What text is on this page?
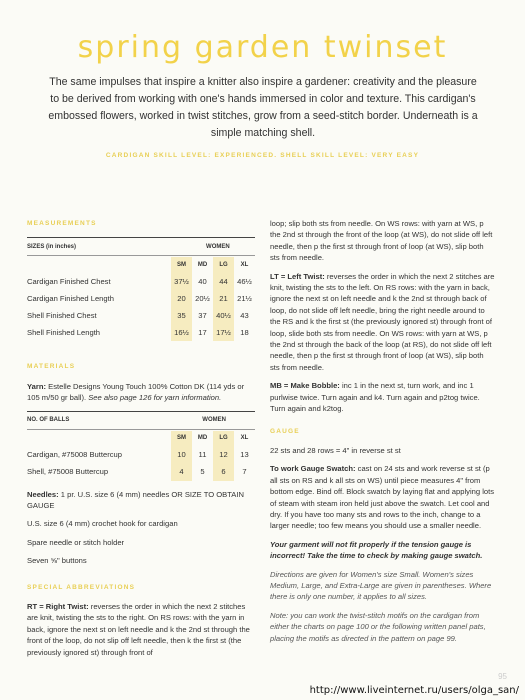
spring garden twinset
The same impulses that inspire a knitter also inspire a gardener: creativity and the pleasure to be derived from working with one's hands immersed in color and texture. This cardigan's embossed flowers, worked in twist stitches, grow from a seed-stitch border. Underneath is a simple matching shell.
CARDIGAN SKILL LEVEL: EXPERIENCED. SHELL SKILL LEVEL: VERY EASY
MEASUREMENTS
SIZES (in inches)	WOMEN
	SM	MD	LG	XL
Cardigan Finished Chest	37½	40	44	46½
Cardigan Finished Length	20	20½	21	21½
Shell Finished Chest	35	37	40½	43
Shell Finished Length	16½	17	17½	18
MATERIALS

Yarn: Estelle Designs Young Touch 100% Cotton DK (114 yds or 105 m/50 gr ball). See also page 126 for yarn information.

NO. OF BALLS	WOMEN
	SM	MD	LG	XL
Cardigan, #75008 Buttercup	10	11	12	13
Shell, #75008 Buttercup	4	5	6	7

Needles: 1 pr. U.S. size 6 (4 mm) needles OR SIZE TO OBTAIN GAUGE

U.S. size 6 (4 mm) crochet hook for cardigan

Spare needle or stitch holder

Seven ⅝" buttons

SPECIAL ABBREVIATIONS

RT = Right Twist: reverses the order in which the next 2 stitches are knit, twisting the sts to the right. On RS rows: with the yarn in back, ignore the next st on left needle and k the 2nd st through the front of the loop, do not slip off left needle, then k the first st (the previously ignored st) through front of

loop; slip both sts from needle. On WS rows: with yarn at WS, p the 2nd st through the front of the loop (at WS), do not slide off left needle, then p the first st through front of loop (at WS), slip both sts from needle.

LT = Left Twist: reverses the order in which the next 2 stitches are knit, twisting the sts to the left. On RS rows: with the yarn in back, ignore the next st on left needle and k the 2nd st through back of loop, do not slide off left needle, bring the right needle around to the RS and k the first st (the previously ignored st) through front of loop, slide both sts from needle. On WS rows: with yarn at WS, p the 2nd st through the back of the loop (at RS), do not slide off left needle, then p the first st through front of loop (at WS), slip both sts from needle.

MB = Make Bobble: inc 1 in the next st, turn work, and inc 1 purlwise twice. Turn again and k4. Turn again and p2tog twice. Turn again and k2tog.

GAUGE

22 sts and 28 rows = 4" in reverse st st

To work Gauge Swatch: cast on 24 sts and work reverse st st (p all sts on RS and k all sts on WS) until piece measures 4" from bottom edge. Bind off. Block swatch by laying flat and applying lots of steam with steam iron held just above the swatch. Let cool and dry. If you have too many sts and rows to the inch, change to a larger needle; too few means you should use a smaller needle.

Your garment will not fit properly if the tension gauge is incorrect! Take the time to check by making gauge swatch.

Directions are given for Women's size Small. Women's sizes Medium, Large, and Extra-Large are given in parentheses. Where there is only one number, it applies to all sizes.

Note: you can work the twist-stitch motifs on the cardigan from either the charts on page 100 or the following written panel pats, placing the motifs as directed in the pattern on page 99.

95
http://www.liveinternet.ru/users/olga_san/
